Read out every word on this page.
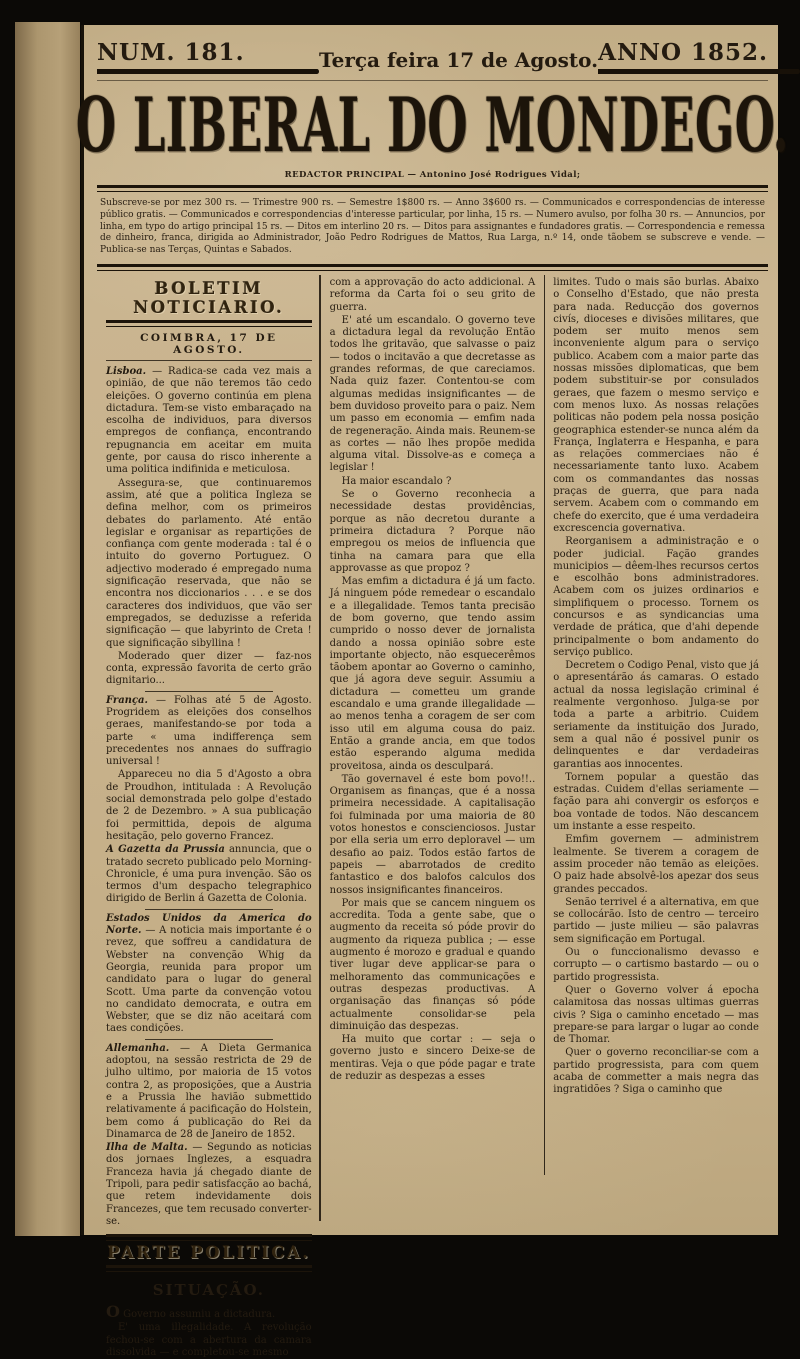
NUM. 181.	Terça feira 17 de Agosto. ANNO 1852.
O LIBERAL DO MONDEGO.
REDACTOR PRINCIPAL — Antonino José Rodrigues Vidal;
Subscreve-se por mez 300 rs. — Trimestre 900 rs. — Semestre 1$800 rs. — Anno 3$600 rs. — Communicados e correspondencias de interesse público gratis. — Communicados e correspondencias d'interesse particular, por linha, 15 rs. — Numero avulso, por folha 30 rs. — Annuncios, por linha, em typo do artigo principal 15 rs. — Ditos em interlino 20 rs. — Ditos para assignantes e fundadores gratis. — Correspondencia e remessa de dinheiro, franca, dirigida ao Administrador, João Pedro Rodrigues de Mattos, Rua Larga, n.º 14, onde tãobem se subscreve e vende. — Publica-se nas Terças, Quintas e Sabados.
BOLETIM NOTICIARIO.
COIMBRA, 17 DE AGOSTO.

Lisboa. — Radica-se cada vez mais a opinião, de que não teremos tão cedo eleições. O governo continúa em plena dictadura. Tem-se visto embaraçado na escolha de individuos, para diversos empregos de confiança, encontrando repugnancia em aceitar em muita gente, por causa do risco inherente a uma politica indifinida e meticulosa.

Assegura-se, que continuaremos assim, até que a politica Ingleza se defina melhor, com os primeiros debates do parlamento. Até então legislar e organisar as repartições de confiança com gente moderada : tal é o intuito do governo Portuguez. O adjectivo moderado é empregado numa significação reservada, que não se encontra nos diccionarios . . . e se dos caracteres dos individuos, que vão ser empregados, se deduzisse a referida significação — que labyrinto de Creta ! que significação sibyllina !

Moderado quer dizer — faz-nos conta, expressão favorita de certo grão dignitario...

França. — Folhas até 5 de Agosto. Progridem as eleições dos conselhos geraes, manifestando-se por toda a parte « uma indifferença sem precedentes nos annaes do suffragio universal !

Appareceu no dia 5 d'Agosto a obra de Proudhon, intitulada : A Revolução social demonstrada pelo golpe d'estado de 2 de Dezembro. » A sua publicação foi permittida, depois de alguma hesitação, pelo governo Francez.

A Gazetta da Prussia annuncia, que o tratado secreto publicado pelo Morning-Chronicle, é uma pura invenção. São os termos d'um despacho telegraphico dirigido de Berlin á Gazetta de Colonia.

Estados Unidos da America do Norte. — A noticia mais importante é o revez, que soffreu a candidatura de Webster na convenção Whig da Georgia, reunida para propor um candidato para o lugar do general Scott. Uma parte da convenção votou no candidato democrata, e outra em Webster, que se diz não aceitará com taes condições.

Allemanha. — A Dieta Germanica adoptou, na sessão restricta de 29 de julho ultimo, por maioria de 15 votos contra 2, as proposições, que a Austria e a Prussia lhe havião submettido relativamente á pacificação do Holstein, bem como á publicação do Rei da Dinamarca de 28 de Janeiro de 1852.

Ilha de Malta. — Segundo as noticias dos jornaes Inglezes, a esquadra Franceza havia já chegado diante de Tripoli, para pedir satisfacção ao bachá, que retem indevidamente dois Francezes, que tem recusado converter-se.

PARTE POLITICA.
SITUAÇÃO.

O Governo assumiu a dictadura.

E' uma illegalidade. A revolução fechou-se com a abertura da camara dissolvida — e completou-se mesmo

com a approvação do acto addicional. A reforma da Carta foi o seu grito de guerra.

E' até um escandalo. O governo teve a dictadura legal da revolução Então todos lhe gritavão, que salvasse o paiz — todos o incitavão a que decretasse as grandes reformas, de que careciamos. Nada quiz fazer. Contentou-se com algumas medidas insignificantes — de bem duvidoso proveito para o paiz. Nem um passo em economia — emfim nada de regeneração. Ainda mais. Reunem-se as cortes — não lhes propõe medida alguma vital. Dissolve-as e começa a legislar !

Ha maior escandalo ?

Se o Governo reconhecia a necessidade destas providências, porque as não decretou durante a primeira dictadura ? Porque não empregou os meios de influencia que tinha na camara para que ella approvasse as que propoz ?

Mas emfim a dictadura é já um facto. Já ninguem póde remedear o escandalo e a illegalidade. Temos tanta precisão de bom governo, que tendo assim cumprido o nosso dever de jornalista dando a nossa opinião sobre este importante objecto, não esquecerêmos tãobem apontar ao Governo o caminho, que já agora deve seguir. Assumiu a dictadura — cometteu um grande escandalo e uma grande illegalidade — ao menos tenha a coragem de ser com isso util em alguma cousa do paiz. Então a grande ancia, em que todos estão esperando alguma medida proveitosa, ainda os desculpará.

Tão governavel é este bom povo!!.. Organisem as finanças, que é a nossa primeira necessidade. A capitalisação foi fulminada por uma maioria de 80 votos honestos e conscienciosos. Justar por ella seria um erro deploravel — um desafio ao paiz. Todos estão fartos de papeis — abarrotados de credito fantastico e dos balofos calculos dos nossos insignificantes financeiros.

Por mais que se cancem ninguem os accredita. Toda a gente sabe, que o augmento da receita só póde provir do augmento da riqueza publica ; — esse augmento é morozo e gradual e quando tiver lugar deve applicar-se para o melhoramento das communicações e outras despezas productivas. A organisação das finanças só póde actualmente consolidar-se pela diminuição das despezas.

Ha muito que cortar : — seja o governo justo e sincero Deixe-se de mentiras. Veja o que póde pagar e trate de reduzir as despezas a esses

limites. Tudo o mais são burlas. Abaixo o Conselho d'Estado, que não presta para nada. Reducção dos governos civís, dioceses e divisões militares, que podem ser muito menos sem inconveniente algum para o serviço publico. Acabem com a maior parte das nossas missões diplomaticas, que bem podem substituir-se por consulados geraes, que fazem o mesmo serviço e com menos luxo. As nossas relações politicas não podem pela nossa posição geographica estender-se nunca além da França, Inglaterra e Hespanha, e para as relações commerciaes não é necessariamente tanto luxo. Acabem com os commandantes das nossas praças de guerra, que para nada servem. Acabem com o commando em chefe do exercito, que é uma verdadeira excrescencia governativa.

Reorganisem a administração e o poder judicial. Fação grandes municipios — dêem-lhes recursos certos e escolhão bons administradores. Acabem com os juizes ordinarios e simplifiquem o processo. Tornem os concursos e as syndicancias uma verdade de prática, que d'ahi depende principalmente o bom andamento do serviço publico.

Decretem o Codigo Penal, visto que já o apresentárão ás camaras. O estado actual da nossa legislação criminal é realmente vergonhoso. Julga-se por toda a parte a arbitrio. Cuidem seriamente da instituição dos Jurado, sem a qual não é possivel punir os delinquentes e dar verdadeiras garantias aos innocentes.

Tornem popular a questão das estradas. Cuidem d'ellas seriamente — fação para ahi convergir os esforços e boa vontade de todos. Não descancem um instante a esse respeito.

Emfim governem — administrem lealmente. Se tiverem a coragem de assim proceder não temão as eleições. O paiz hade absolvê-los apezar dos seus grandes peccados.

Senão terrivel é a alternativa, em que se collocárão. Isto de centro — terceiro partido — juste milieu — são palavras sem significação em Portugal.

Ou o funccionalismo devasso e corrupto — o cartismo bastardo — ou o partido progressista.

Quer o Governo volver á epocha calamitosa das nossas ultimas guerras civis ? Siga o caminho encetado — mas prepare-se para largar o lugar ao conde de Thomar.

Quer o governo reconciliar-se com a partido progressista, para com quem acaba de commetter a mais negra das ingratidões ? Siga o caminho que
